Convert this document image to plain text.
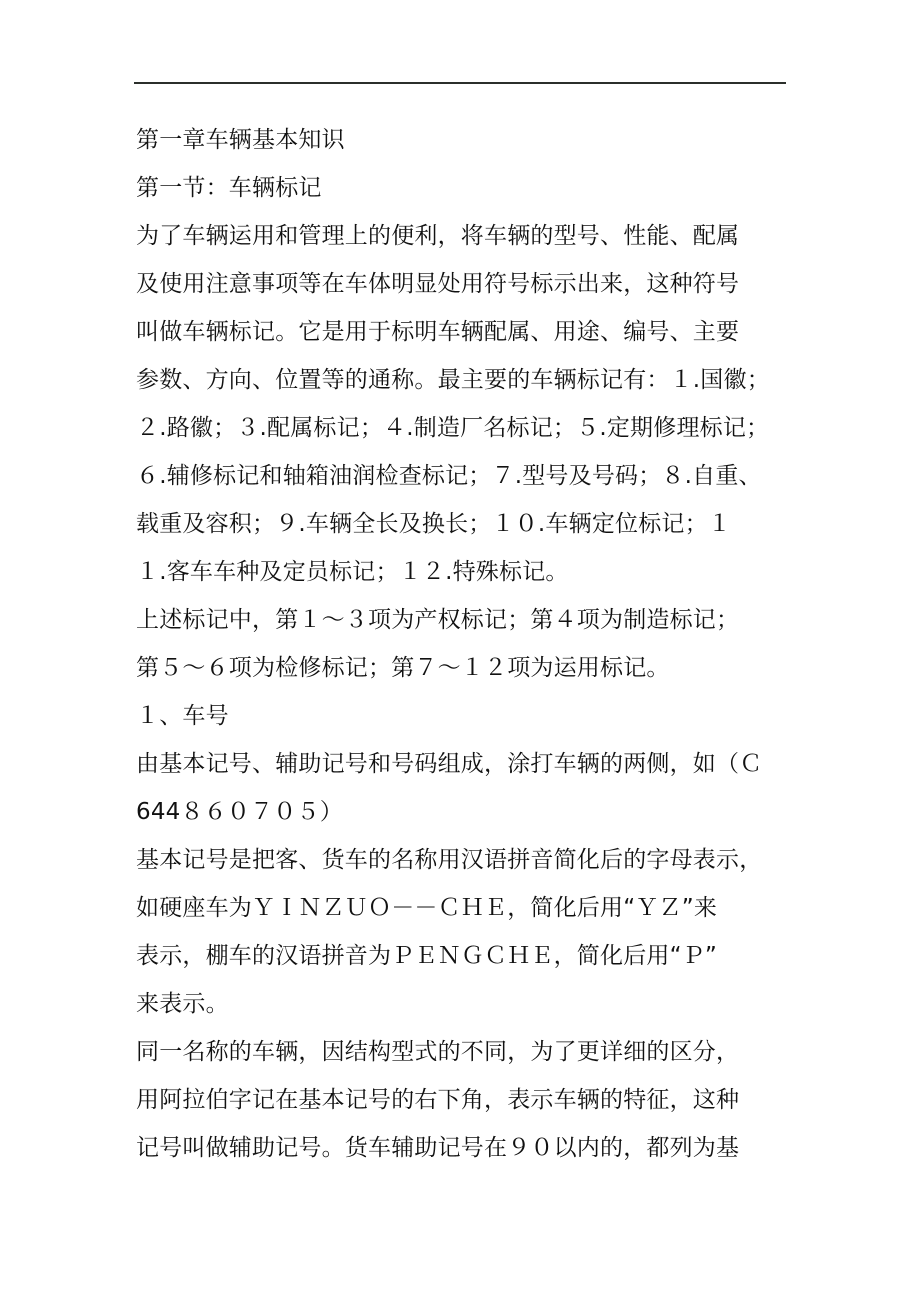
第一章车辆基本知识
第一节：车辆标记
为了车辆运用和管理上的便利，将车辆的型号、性能、配属
及使用注意事项等在车体明显处用符号标示出来，这种符号
叫做车辆标记。它是用于标明车辆配属、用途、编号、主要
参数、方向、位置等的通称。最主要的车辆标记有：１.国徽；
２.路徽；３.配属标记；４.制造厂名标记；５.定期修理标记；
６.辅修标记和轴箱油润检查标记；７.型号及号码；８.自重、
载重及容积；９.车辆全长及换长；１０.车辆定位标记；１
１.客车车种及定员标记；１２.特殊标记。
上述标记中，第１～３项为产权标记；第４项为制造标记；
第５～６项为检修标记；第７～１２项为运用标记。
１、车号
由基本记号、辅助记号和号码组成，涂打车辆的两侧，如（Ｃ
644８６０７０５）
基本记号是把客、货车的名称用汉语拼音简化后的字母表示，
如硬座车为ＹＩＮＺＵＯ－－ＣＨＥ，简化后用“ＹＺ”来
表示，棚车的汉语拼音为ＰＥＮＧＣＨＥ，简化后用“Ｐ”
来表示。
同一名称的车辆，因结构型式的不同，为了更详细的区分，
用阿拉伯字记在基本记号的右下角，表示车辆的特征，这种
记号叫做辅助记号。货车辅助记号在９０以内的，都列为基
